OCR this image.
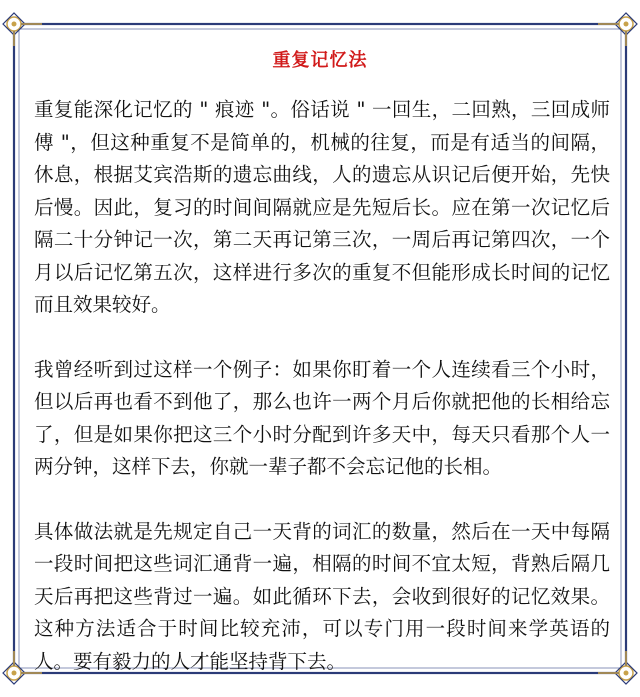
重复记忆法

重复能深化记忆的 " 痕迹 "。俗话说 " 一回生，二回熟，三回成师傅 "，但这种重复不是简单的，机械的往复，而是有适当的间隔，休息，根据艾宾浩斯的遗忘曲线，人的遗忘从识记后便开始，先快后慢。因此，复习的时间间隔就应是先短后长。应在第一次记忆后隔二十分钟记一次，第二天再记第三次，一周后再记第四次，一个月以后记忆第五次，这样进行多次的重复不但能形成长时间的记忆而且效果较好。

我曾经听到过这样一个例子：如果你盯着一个人连续看三个小时，但以后再也看不到他了，那么也许一两个月后你就把他的长相给忘了，但是如果你把这三个小时分配到许多天中，每天只看那个人一两分钟，这样下去，你就一辈子都不会忘记他的长相。

具体做法就是先规定自己一天背的词汇的数量，然后在一天中每隔一段时间把这些词汇通背一遍，相隔的时间不宜太短，背熟后隔几天后再把这些背过一遍。如此循环下去，会收到很好的记忆效果。这种方法适合于时间比较充沛，可以专门用一段时间来学英语的人。要有毅力的人才能坚持背下去。
